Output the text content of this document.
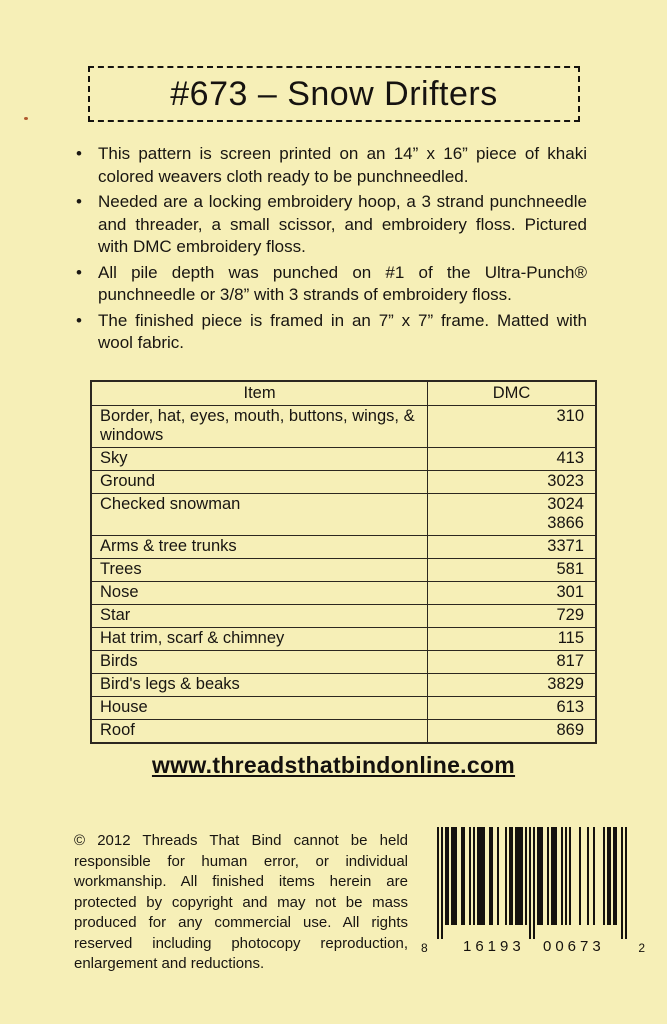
#673 – Snow Drifters
• This pattern is screen printed on an 14” x 16” piece of khaki colored weavers cloth ready to be punchneedled.

• Needed are a locking embroidery hoop, a 3 strand punchneedle and threader, a small scissor, and embroidery floss. Pictured with DMC embroidery floss.

• All pile depth was punched on #1 of the Ultra-Punch® punchneedle or 3/8” with 3 strands of embroidery floss.

• The finished piece is framed in an 7” x 7” frame. Matted with wool fabric.

Item	DMC
Border, hat, eyes, mouth, buttons, wings, & windows	310

Sky	413

Ground	3023

Checked snowman	3024
3866

Arms & tree trunks	3371

Trees	581

Nose	301

Star	729

Hat trim, scarf & chimney	115

Birds	817

Bird's legs & beaks	3829

House	613

Roof	869
www.threadsthatbindonline.com

© 2012 Threads That Bind cannot be held responsible for human error, or individual workmanship. All finished items herein are protected by copyright and may not be mass produced for any commercial use. All rights reserved including photocopy reproduction, enlargement and reductions.

8 16193 00673	2
